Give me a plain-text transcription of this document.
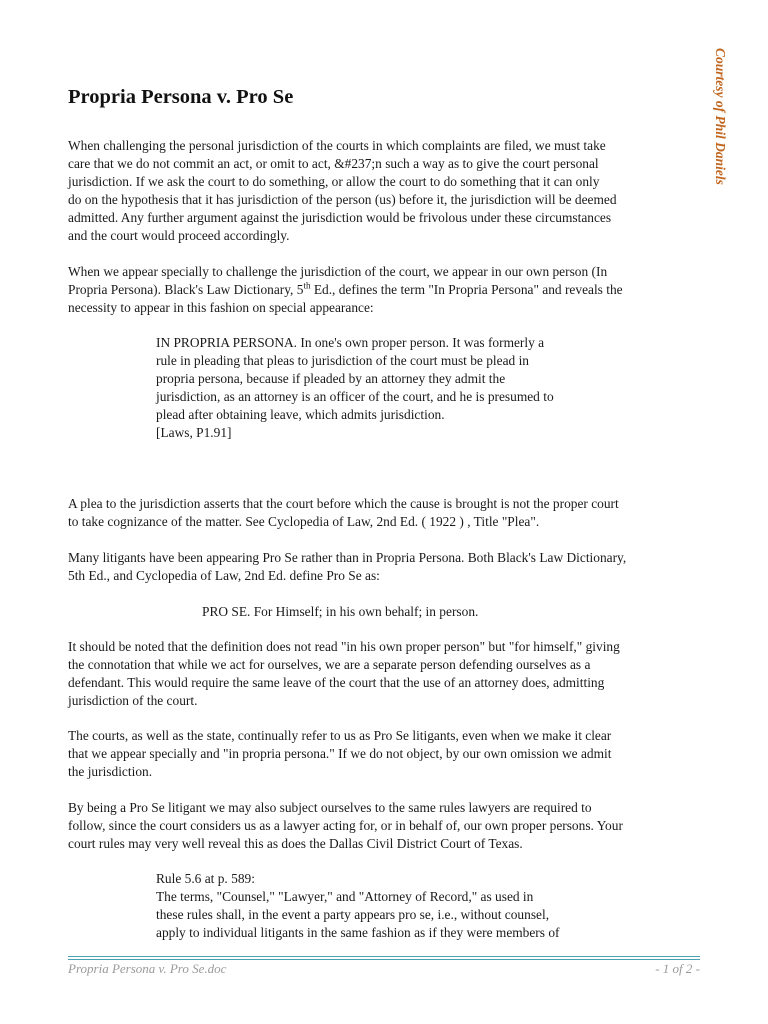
Courtesy of Phil Daniels
Propria Persona v. Pro Se
When challenging the personal jurisdiction of the courts in which complaints are filed, we must take
care that we do not commit an act, or omit to act, &#237;n such a way as to give the court personal
jurisdiction. If we ask the court to do something, or allow the court to do something that it can only
do on the hypothesis that it has jurisdiction of the person (us) before it, the jurisdiction will be deemed
admitted. Any further argument against the jurisdiction would be frivolous under these circumstances
and the court would proceed accordingly.
When we appear specially to challenge the jurisdiction of the court, we appear in our own person (In
Propria Persona). Black's Law Dictionary, 5th Ed., defines the term "In Propria Persona" and reveals the
necessity to appear in this fashion on special appearance:
IN PROPRIA PERSONA. In one's own proper person. It was formerly a
rule in pleading that pleas to jurisdiction of the court must be plead in
propria persona, because if pleaded by an attorney they admit the
jurisdiction, as an attorney is an officer of the court, and he is presumed to
plead after obtaining leave, which admits jurisdiction.
[Laws, P1.91]
A plea to the jurisdiction asserts that the court before which the cause is brought is not the proper court
to take cognizance of the matter. See Cyclopedia of Law, 2nd Ed. ( 1922 ) , Title "Plea".
Many litigants have been appearing Pro Se rather than in Propria Persona. Both Black's Law Dictionary,
5th Ed., and Cyclopedia of Law, 2nd Ed. define Pro Se as:
PRO SE. For Himself; in his own behalf; in person.
It should be noted that the definition does not read "in his own proper person" but "for himself," giving
the connotation that while we act for ourselves, we are a separate person defending ourselves as a
defendant. This would require the same leave of the court that the use of an attorney does, admitting
jurisdiction of the court.
The courts, as well as the state, continually refer to us as Pro Se litigants, even when we make it clear
that we appear specially and "in propria persona." If we do not object, by our own omission we admit
the jurisdiction.
By being a Pro Se litigant we may also subject ourselves to the same rules lawyers are required to
follow, since the court considers us as a lawyer acting for, or in behalf of, our own proper persons. Your
court rules may very well reveal this as does the Dallas Civil District Court of Texas.
Rule 5.6 at p. 589:
The terms, "Counsel," "Lawyer," and "Attorney of Record," as used in
these rules shall, in the event a party appears pro se, i.e., without counsel,
apply to individual litigants in the same fashion as if they were members of
Propria Persona v. Pro Se.doc	- 1 of 2 -
